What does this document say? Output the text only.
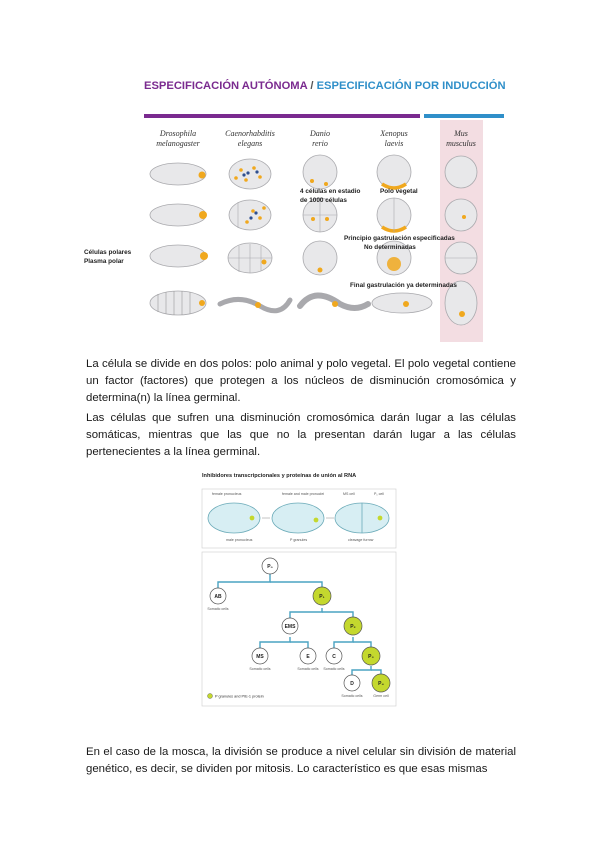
ESPECIFICACIÓN AUTÓNOMA / ESPECIFICACIÓN POR INDUCCIÓN
Drosophila
melanogaster
Caenorhabditis
elegans
Danio
rerio
Xenopus
laevis
Mus
musculus
4 células en estadio
de 1000 células
Polo vegetal
Células polares
Plasma polar
Principio gastrulación especificadas
No determinadas
Final gastrulación ya determinadas

La célula se divide en dos polos: polo animal y polo vegetal. El polo vegetal contiene un factor (factores) que protegen a los núcleos de disminución cromosómica y determina(n) la línea germinal.

Las células que sufren una disminución cromosómica darán lugar a las células somáticas, mientras que las que no la presentan darán lugar a las células pertenecientes a la línea germinal.

Inhibidores transcripcionales y proteínas de unión al RNA
female pronucleus	female and male pronuclei	MS cell	P₁ cell
male pronucleus	P granules	cleavage furrow
P₀
AB	P₁
EMS	P₂
MS	E	C	P₃
D	P₄
Somatic cells
Somatic cells	Somatic cells Somatic cells
Somatic cells	Germ cell
P granules and PIE-1 protein

En el caso de la mosca, la división se produce a nivel celular sin división de material genético, es decir, se dividen por mitosis. Lo característico es que esas mismas
